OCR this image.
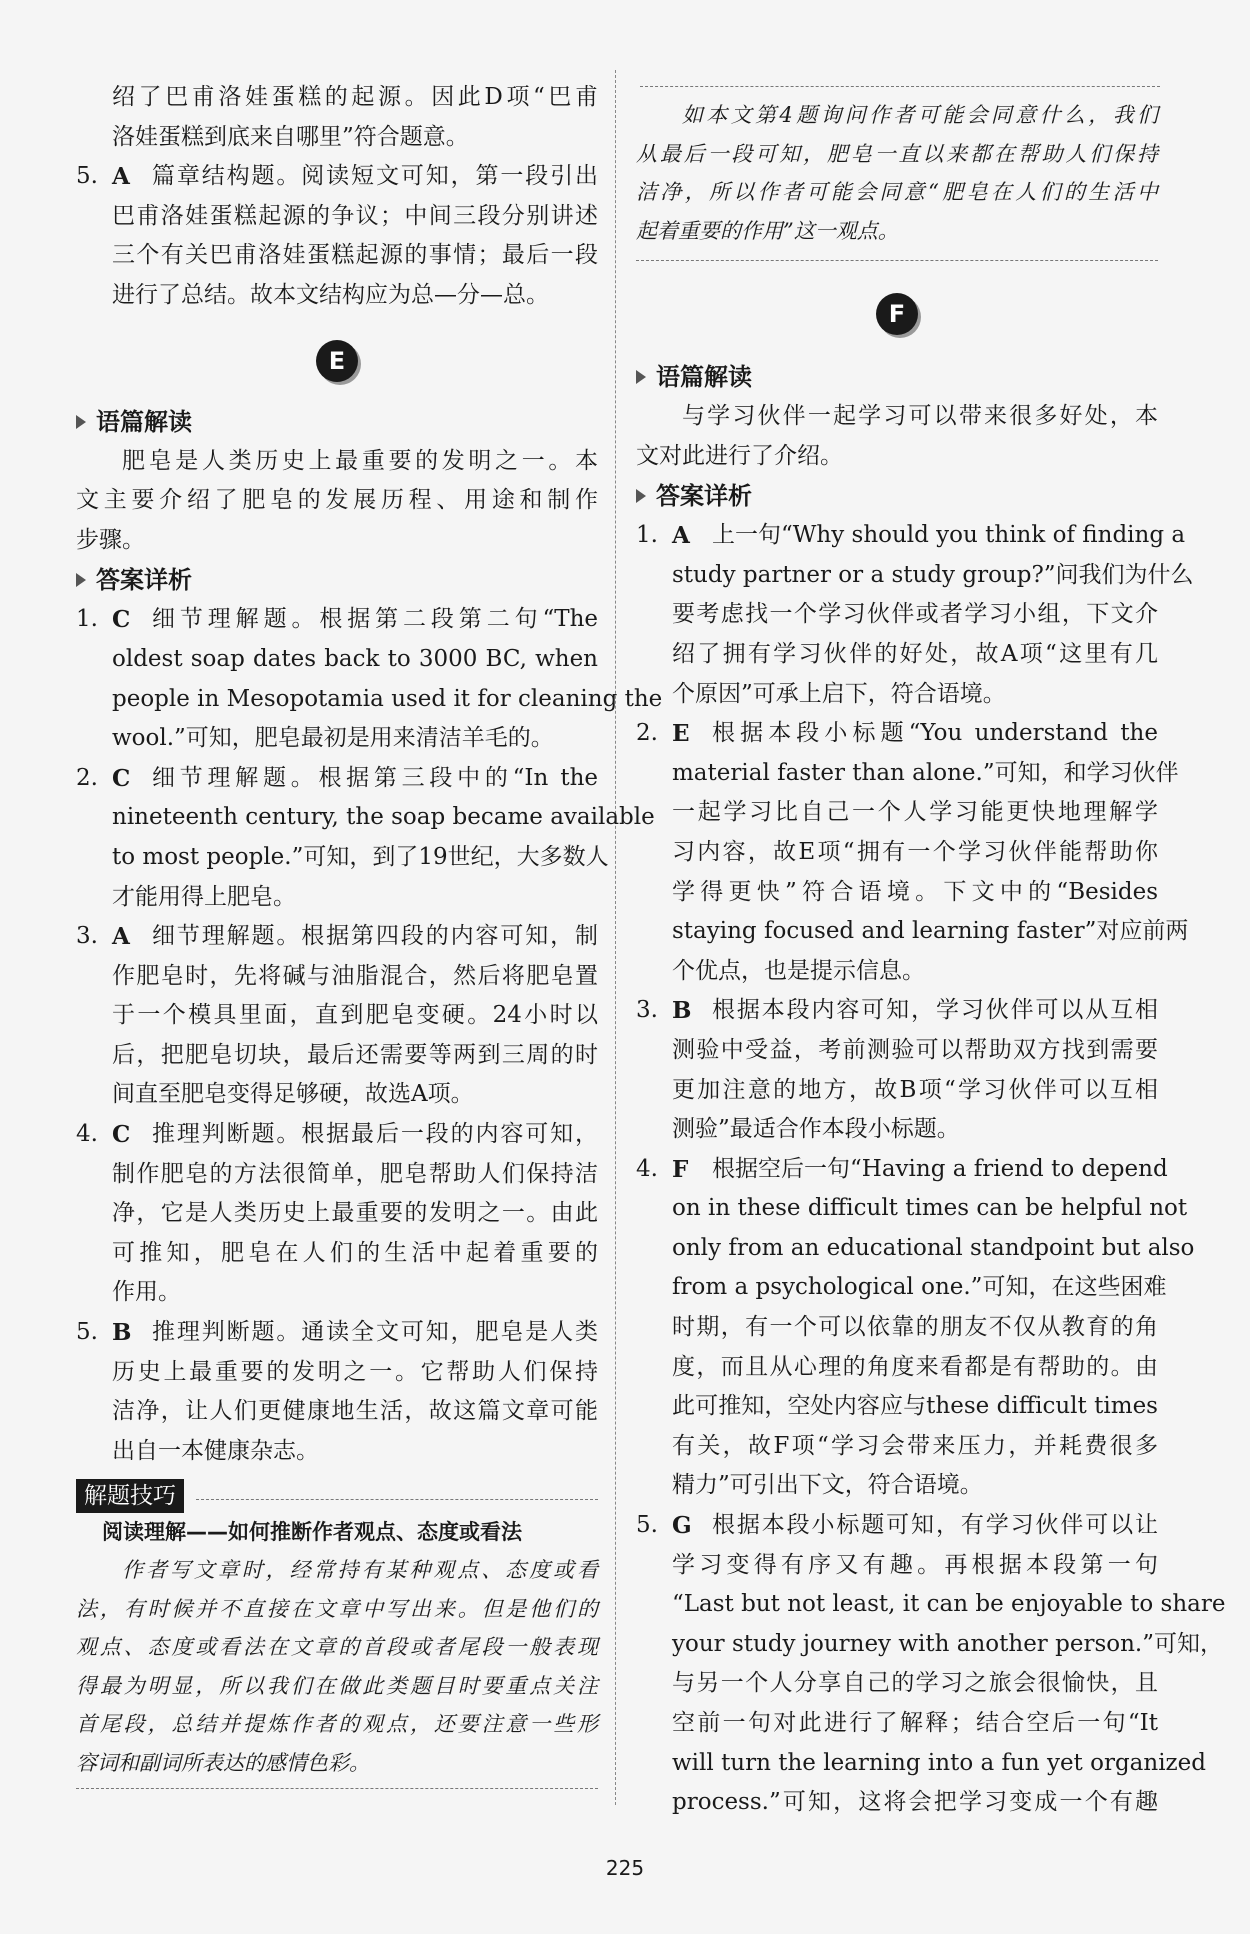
绍了巴甫洛娃蛋糕的起源。因此D项“巴甫
洛娃蛋糕到底来自哪里”符合题意。
5. A 篇章结构题。阅读短文可知，第一段引出
巴甫洛娃蛋糕起源的争议；中间三段分别讲述
三个有关巴甫洛娃蛋糕起源的事情；最后一段
进行了总结。故本文结构应为总—分—总。
E
语篇解读
肥皂是人类历史上最重要的发明之一。本
文主要介绍了肥皂的发展历程、用途和制作
步骤。
答案详析
1. C 细节理解题。根据第二段第二句“The
oldest soap dates back to 3000 BC, when
people in Mesopotamia used it for cleaning the
wool.”可知，肥皂最初是用来清洁羊毛的。
2. C 细节理解题。根据第三段中的“In the
nineteenth century, the soap became available
to most people.”可知，到了19世纪，大多数人
才能用得上肥皂。
3. A 细节理解题。根据第四段的内容可知，制
作肥皂时，先将碱与油脂混合，然后将肥皂置
于一个模具里面，直到肥皂变硬。24小时以
后，把肥皂切块，最后还需要等两到三周的时
间直至肥皂变得足够硬，故选A项。
4. C 推理判断题。根据最后一段的内容可知，
制作肥皂的方法很简单，肥皂帮助人们保持洁
净，它是人类历史上最重要的发明之一。由此
可推知，肥皂在人们的生活中起着重要的
作用。
5. B 推理判断题。通读全文可知，肥皂是人类
历史上最重要的发明之一。它帮助人们保持
洁净，让人们更健康地生活，故这篇文章可能
出自一本健康杂志。
解题技巧
阅读理解——如何推断作者观点、态度或看法
作者写文章时，经常持有某种观点、态度或看
法，有时候并不直接在文章中写出来。但是他们的
观点、态度或看法在文章的首段或者尾段一般表现
得最为明显，所以我们在做此类题目时要重点关注
首尾段，总结并提炼作者的观点，还要注意一些形
容词和副词所表达的感情色彩。
如本文第4题询问作者可能会同意什么，我们
从最后一段可知，肥皂一直以来都在帮助人们保持
洁净，所以作者可能会同意“肥皂在人们的生活中
起着重要的作用”这一观点。
F
语篇解读
与学习伙伴一起学习可以带来很多好处，本
文对此进行了介绍。
答案详析
1. A 上一句“Why should you think of finding a
study partner or a study group?”问我们为什么
要考虑找一个学习伙伴或者学习小组，下文介
绍了拥有学习伙伴的好处，故A项“这里有几
个原因”可承上启下，符合语境。
2. E 根据本段小标题“You understand the
material faster than alone.”可知，和学习伙伴
一起学习比自己一个人学习能更快地理解学
习内容，故E项“拥有一个学习伙伴能帮助你
学得更快”符合语境。下文中的“Besides
staying focused and learning faster”对应前两
个优点，也是提示信息。
3. B 根据本段内容可知，学习伙伴可以从互相
测验中受益，考前测验可以帮助双方找到需要
更加注意的地方，故B项“学习伙伴可以互相
测验”最适合作本段小标题。
4. F	根据空后一句“Having a friend to depend
on in these difficult times can be helpful not
only from an educational standpoint but also
from a psychological one.”可知，在这些困难
时期，有一个可以依靠的朋友不仅从教育的角
度，而且从心理的角度来看都是有帮助的。由
此可推知，空处内容应与these difficult times
有关，故F项“学习会带来压力，并耗费很多
精力”可引出下文，符合语境。
5. G 根据本段小标题可知，有学习伙伴可以让
学习变得有序又有趣。再根据本段第一句
“Last but not least, it can be enjoyable to share
your study journey with another person.”可知，
与另一个人分享自己的学习之旅会很愉快，且
空前一句对此进行了解释；结合空后一句“It
will turn the learning into a fun yet organized
process.”可知，这将会把学习变成一个有趣
225
